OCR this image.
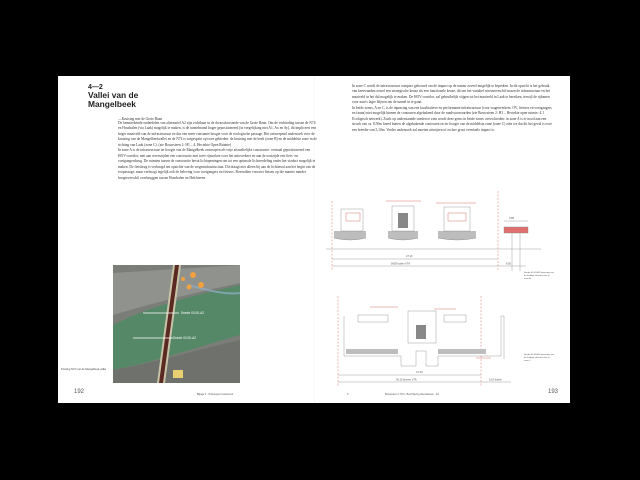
4—2
Vallei van de Mangelbeek
—Kruising met de Grote Baan

De kenmerkende onderdelen van alternatief A2 zijn zichtbaar in de dwarsdoorsnede van de Grote Baan. Om de verbinding tussen de N74 en Houthalen (via Laak) mogelijk te maken, is de tunnelmond hoger gepositioneerd (in vergelijking met A1, Ax en Ay), dit impliceert een hoger maaiveld van de infrastructuur en dus een meer constante hoogte voor de ecologische passage. Het ontwerpend onderzoek voor de kruising van de Mangelbeekvallei en de N74 is toegespitst op twee gebieden: de kruising met de beek (zone B) en de middelste zone in de richting van Laak (zone C). (zie Bouwsteen 2: H1 – 4. Hectekte Open Ruimte)

In zone A is de infrastructuur ter hoogte van de Mangelbeek ontworpen als vrije afsmeltelijke constructie: centraal gepositioneerd een HOV-corridor, met aan weerszijden een constructie met twee rijstroken voor het autoverkeer en aan de oostzijde een fiets- en voetgangersbrug. De ruimten tussen de constructie bevat lichtopeningen om tot een optimale lichtverdeling onder het viaduct mogelijk te maken. De fietsbrug is verhoogd ten opzichte van de wegeninfrastructuur. Dit draagt niet alleen bij aan de lichtinval aan het begin van de ecopassage, maar verhoogt tegelijk ook de beleving voor voetgangers en fietsers. Bovendien voorziet fietsen op die manier minder hoogteverschil overbruggen tussen Hourhalen en Helchteren.

Snede 03.00-A2
Snede 03.00-A2
Kruising N74 met de Mangelbeek-vallei
192	Bijlage 3 - Ontwerpend onderzoek

In zone C wordt de infrastructuur compact gebouwd om de impact op de natuur zoveel mogelijk te beperken. In dit opzicht is het gebruik van keerwanden zowel een strategische keuze als een functionele keuze, dit om het variabel niveauverschil tussen de infrastructuur en het maaiveld in het dal mogelijk te maken. De HOV-corridor, zal gebruikelijk stijgen tot het maaiveld in Laak te bereiken, terwijl de rijbanen voor auto's lager blijven om de tunnel in te gaan.

In beide zones, A en C, is de inpassing van een kwalitatieve en performante infrastructuur (voor wagenverkeer, OV, fietsers en voetgangers en fauna) niet mogelijk binnen de contouren afgebakend door de randvoorwaarden (zie Bouwsteen 2: H1 – Hectekte open ruimte: 4.1 Ecologisch netwerk). Zoals op onderstaande sneden te zien wordt deze grens in beide zones overschreden: in zone A is er nood aan een strook van ca. 8,50m breed buiten de afgebakende contouren en ter hoogte van de middelste zone (zone C) zien we dat dit het geval is over een breedte van 5,10m. Verder onderzoek zal moeten uitwijzen of en hoe groot eventuele impact is.

47.10
5600 buiten VTA	8.50
3.85
47.20
36.10 binnen VTA	5.10 buiten
Snede 03.00-A2 Inpassing van de huidige infrastructuur in zone A
Snede 03.00-A2 Inpassing van de huidige infrastructuur in zone C
3	Bouwsteen 2: N74 - Beschrijving alternatieven - A2	193
